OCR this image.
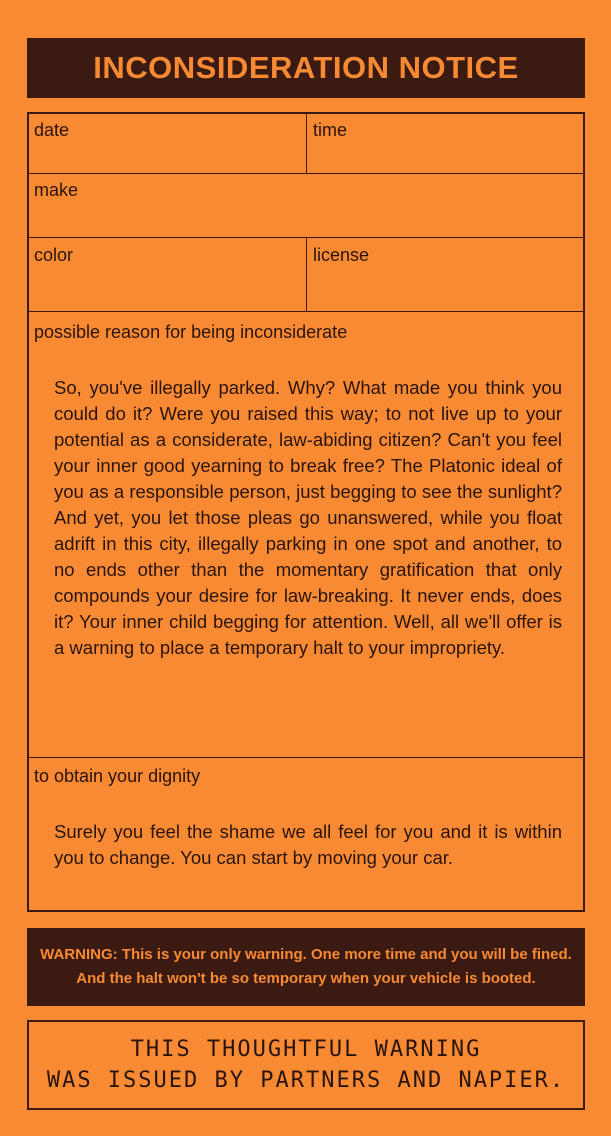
INCONSIDERATION NOTICE
date	time
make
color	license
possible reason for being inconsiderate
So, you've illegally parked. Why? What made you think you could do it? Were you raised this way; to not live up to your potential as a considerate, law-abiding citizen? Can't you feel your inner good yearning to break free? The Platonic ideal of you as a responsible person, just begging to see the sunlight? And yet, you let those pleas go unanswered, while you float adrift in this city, illegally parking in one spot and another, to no ends other than the momentary gratification that only compounds your desire for law-breaking. It never ends, does it? Your inner child begging for attention. Well, all we'll offer is a warning to place a temporary halt to your impropriety.
to obtain your dignity
Surely you feel the shame we all feel for you and it is within you to change. You can start by moving your car.
WARNING: This is your only warning. One more time and you will be fined.
And the halt won't be so temporary when your vehicle is booted.
THIS THOUGHTFUL WARNING
WAS ISSUED BY PARTNERS AND NAPIER.
